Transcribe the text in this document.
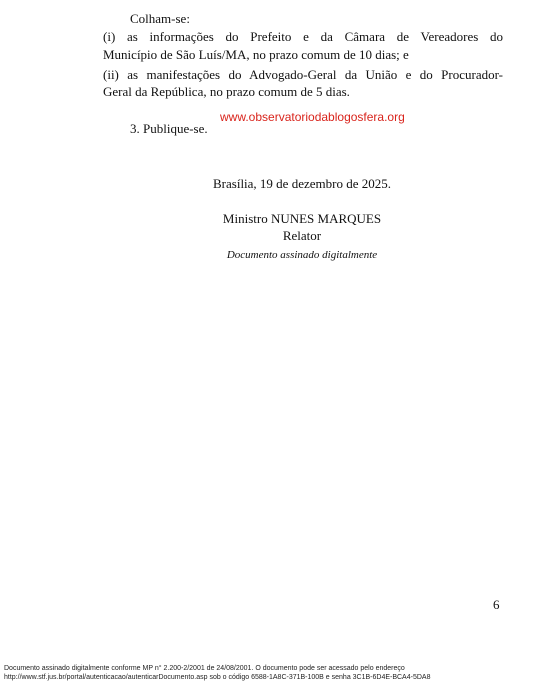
Colham-se:
(i) as informações do Prefeito e da Câmara de Vereadores do
Município de São Luís/MA, no prazo comum de 10 dias; e
(ii) as manifestações do Advogado-Geral da União e do Procurador-
Geral da República, no prazo comum de 5 dias.
3. Publique-se.
www.observatoriodablogosfera.org
Brasília, 19 de dezembro de 2025.
Ministro NUNES MARQUES
Relator
Documento assinado digitalmente
6
Documento assinado digitalmente conforme MP n° 2.200-2/2001 de 24/08/2001. O documento pode ser acessado pelo endereço
http://www.stf.jus.br/portal/autenticacao/autenticarDocumento.asp sob o código 6588-1A8C-371B-100B e senha 3C1B-6D4E-BCA4-5DA8
